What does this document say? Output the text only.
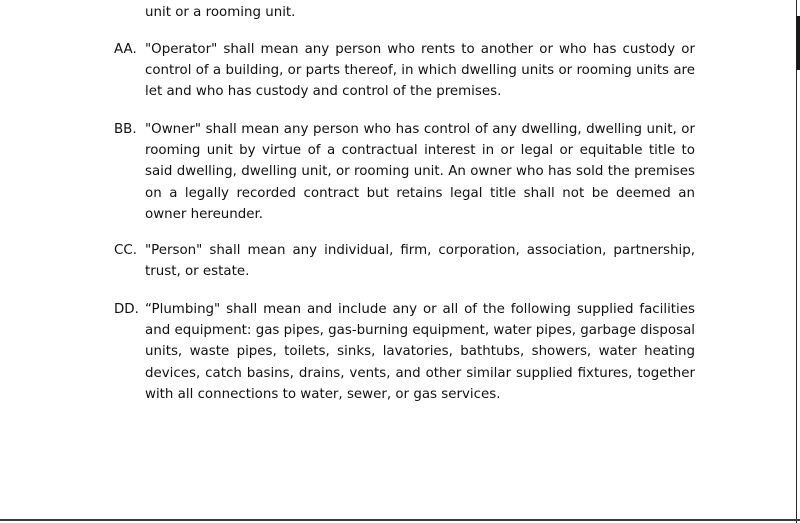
unit or a rooming unit.
AA. "Operator" shall mean any person who rents to another or who has custody or control of a building, or parts thereof, in which dwelling units or rooming units are let and who has custody and control of the premises.
BB. "Owner" shall mean any person who has control of any dwelling, dwelling unit, or rooming unit by virtue of a contractual interest in or legal or equitable title to said dwelling, dwelling unit, or rooming unit. An owner who has sold the premises on a legally recorded contract but retains legal title shall not be deemed an owner hereunder.
CC. "Person" shall mean any individual, firm, corporation, association, partnership, trust, or estate.
DD. “Plumbing" shall mean and include any or all of the following supplied facilities and equipment: gas pipes, gas-burning equipment, water pipes, garbage disposal units, waste pipes, toilets, sinks, lavatories, bathtubs, showers, water heating devices, catch basins, drains, vents, and other similar supplied fixtures, together with all connections to water, sewer, or gas services.
